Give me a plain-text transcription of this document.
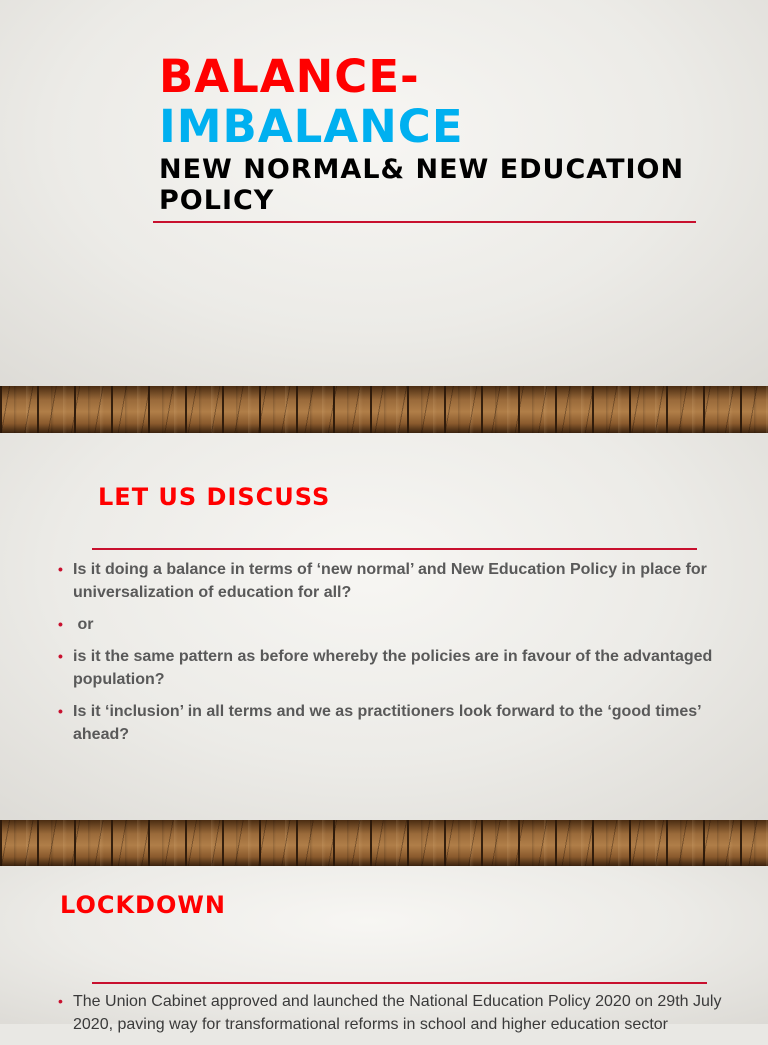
BALANCE-
IMBALANCE
NEW NORMAL& NEW EDUCATION POLICY
LET US DISCUSS
• Is it doing a balance in terms of ‘new normal’ and New Education Policy in place for universalization of education for all?
• or
• is it the same pattern as before whereby the policies are in favour of the advantaged population?
• Is it ‘inclusion’ in all terms and we as practitioners look forward to the ‘good times’ ahead?
LOCKDOWN
• The Union Cabinet approved and launched the National Education Policy 2020 on 29th July 2020, paving way for transformational reforms in school and higher education sector
